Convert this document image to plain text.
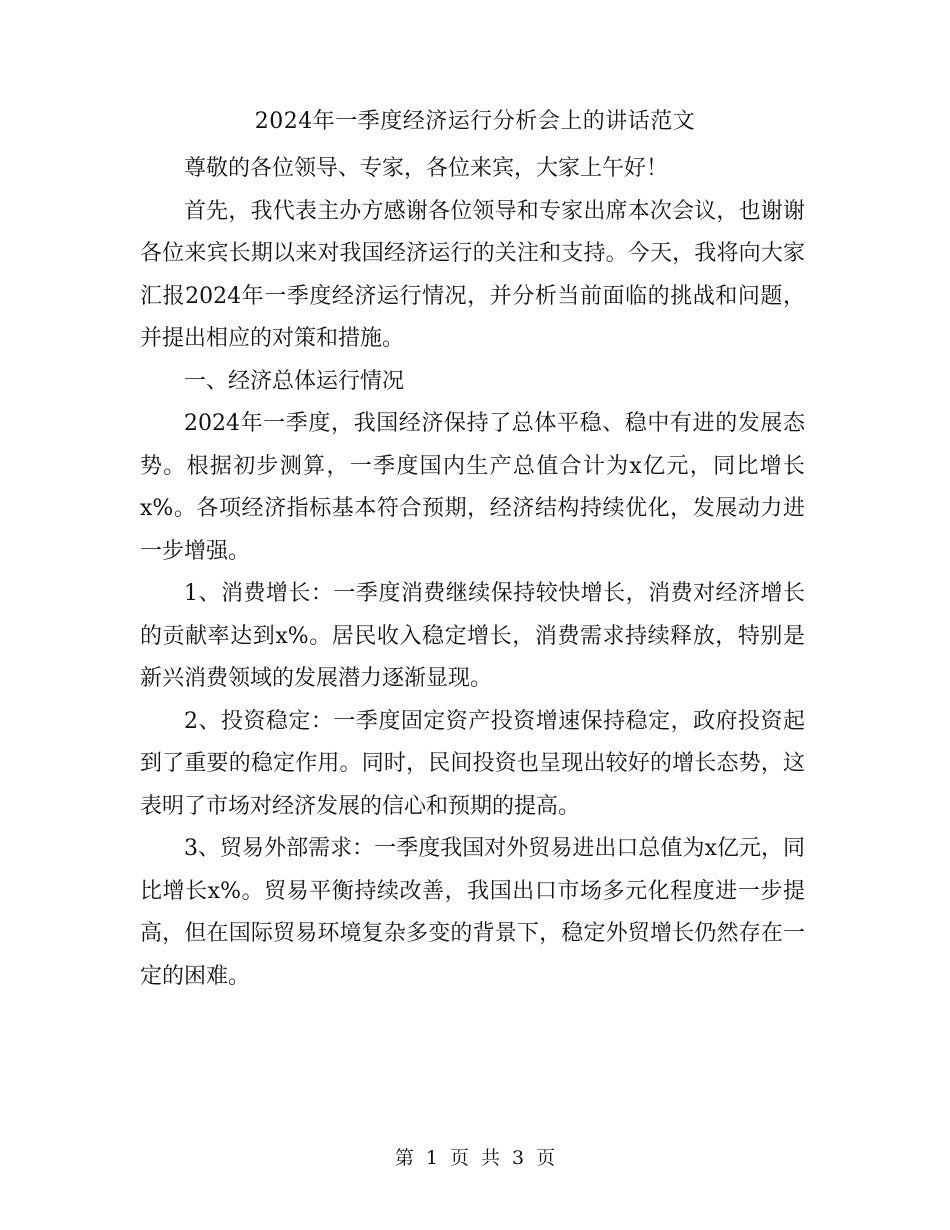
2024年一季度经济运行分析会上的讲话范文

尊敬的各位领导、专家，各位来宾，大家上午好！

首先，我代表主办方感谢各位领导和专家出席本次会议，也谢谢各位来宾长期以来对我国经济运行的关注和支持。今天，我将向大家汇报2024年一季度经济运行情况，并分析当前面临的挑战和问题，并提出相应的对策和措施。

一、经济总体运行情况

2024年一季度，我国经济保持了总体平稳、稳中有进的发展态势。根据初步测算，一季度国内生产总值合计为x亿元，同比增长x%。各项经济指标基本符合预期，经济结构持续优化，发展动力进一步增强。

1、消费增长：一季度消费继续保持较快增长，消费对经济增长的贡献率达到x%。居民收入稳定增长，消费需求持续释放，特别是新兴消费领域的发展潜力逐渐显现。

2、投资稳定：一季度固定资产投资增速保持稳定，政府投资起到了重要的稳定作用。同时，民间投资也呈现出较好的增长态势，这表明了市场对经济发展的信心和预期的提高。

3、贸易外部需求：一季度我国对外贸易进出口总值为x亿元，同比增长x%。贸易平衡持续改善，我国出口市场多元化程度进一步提高，但在国际贸易环境复杂多变的背景下，稳定外贸增长仍然存在一定的困难。

第 1 页 共 3 页
